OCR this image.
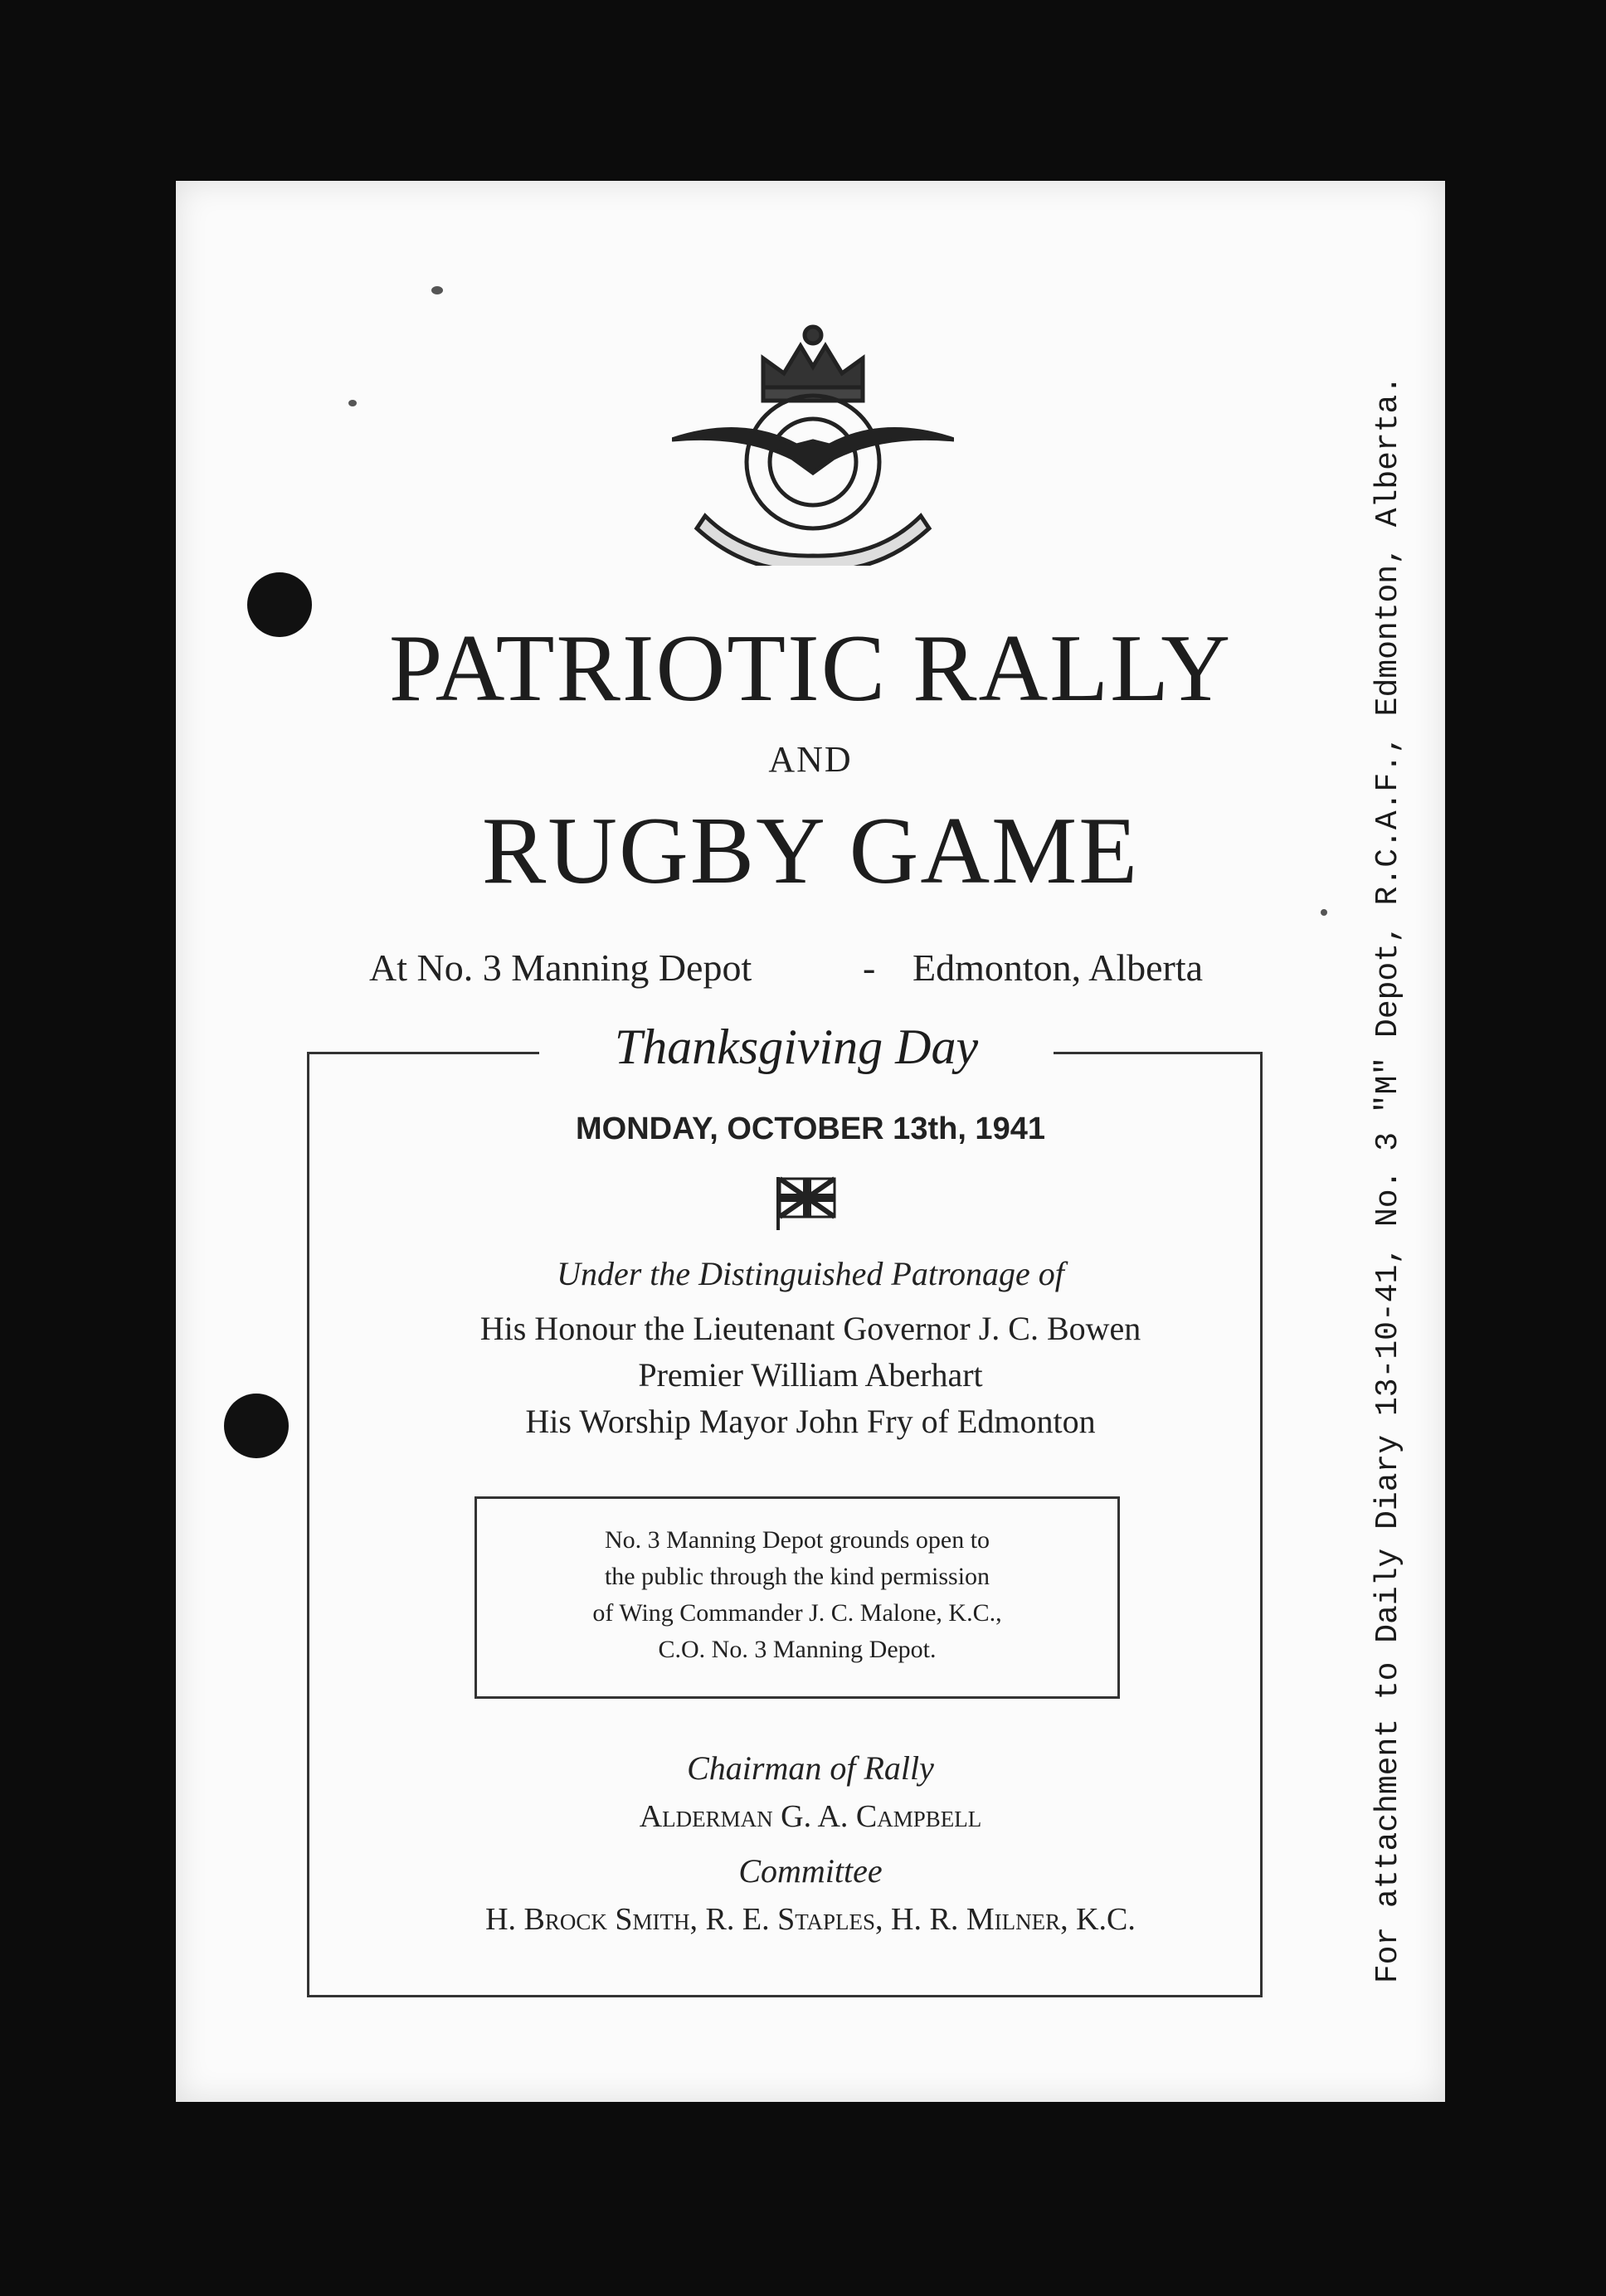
PATRIOTIC RALLY
AND
RUGBY GAME
At No. 3 Manning Depot	- Edmonton, Alberta
Thanksgiving Day
MONDAY, OCTOBER 13th, 1941
Under the Distinguished Patronage of
His Honour the Lieutenant Governor J. C. Bowen
Premier William Aberhart
His Worship Mayor John Fry of Edmonton
No. 3 Manning Depot grounds open to
the public through the kind permission
of Wing Commander J. C. Malone, K.C.,
C.O. No. 3 Manning Depot.
Chairman of Rally
Alderman G. A. Campbell
Committee
H. Brock Smith, R. E. Staples, H. R. Milner, K.C.	For attachment to Daily Diary 13-10-41, No. 3 "M" Depot, R.C.A.F., Edmonton, Alberta.
